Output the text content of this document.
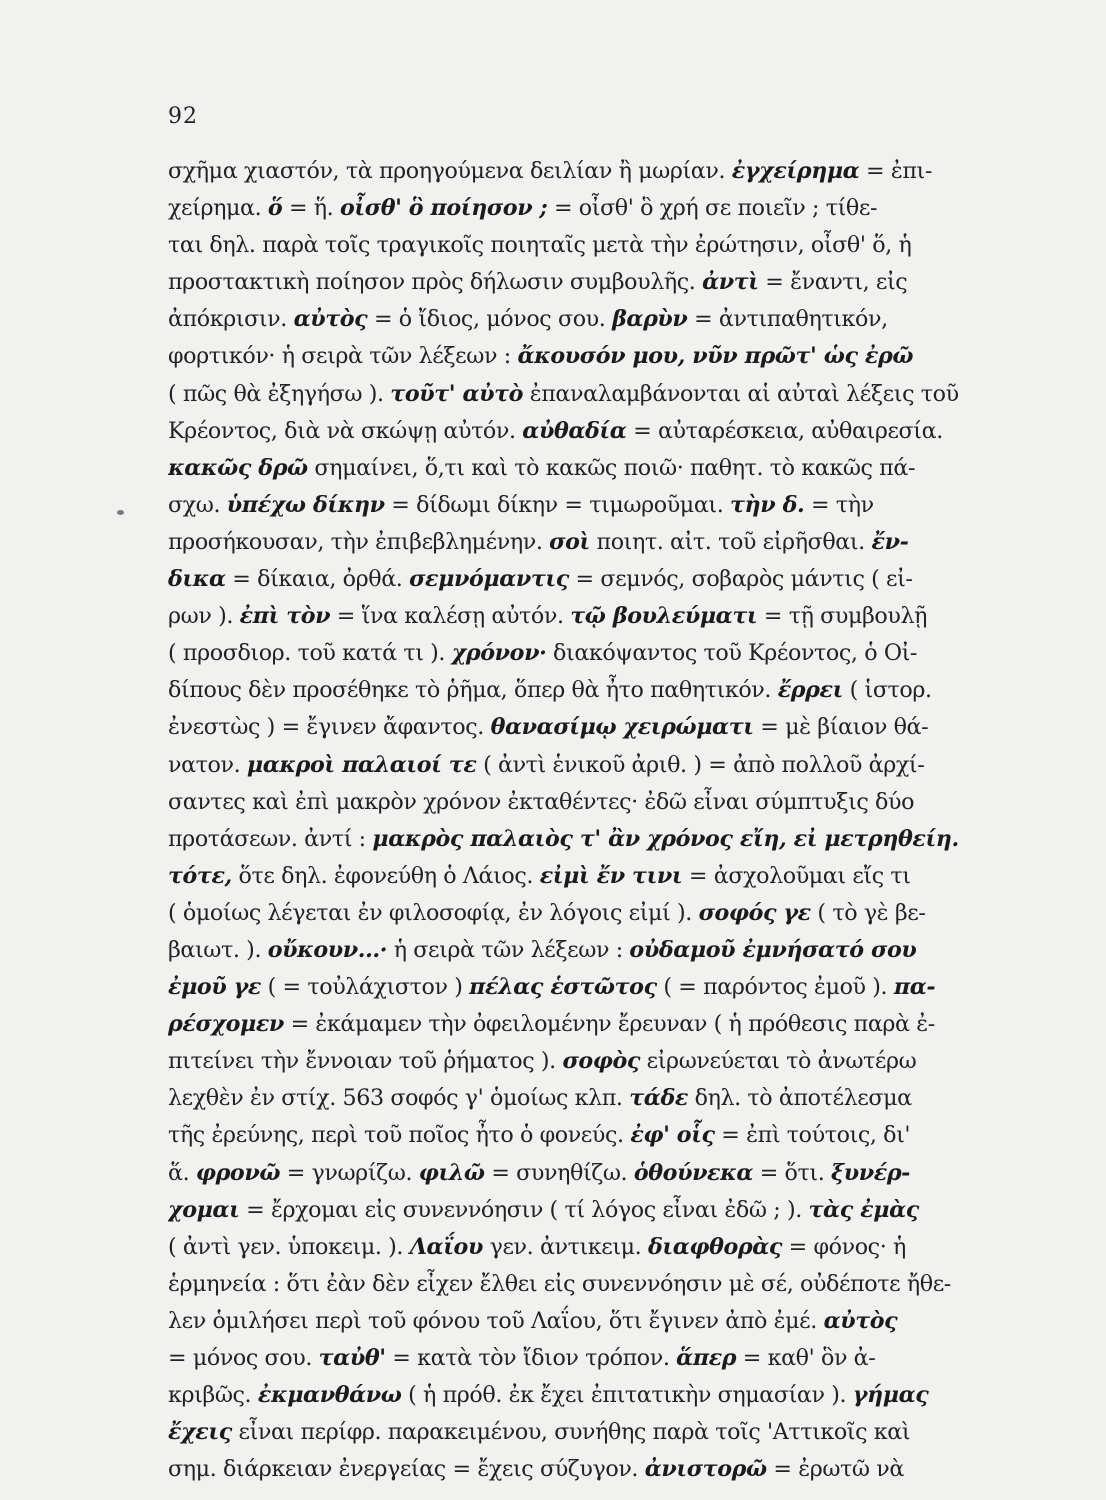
92
σχῆμα χιαστόν, τὰ προηγούμενα δειλίαν ἢ μωρίαν. ἐγχείρημα = ἐπι-
χείρημα. ὅ = ἥ. οἶσθ' ὃ ποίησον ; = οἶσθ' ὃ χρή σε ποιεῖν ; τίθε-
ται δηλ. παρὰ τοῖς τραγικοῖς ποιηταῖς μετὰ τὴν ἐρώτησιν, οἶσθ' ὅ, ἡ
προστακτικὴ ποίησον πρὸς δήλωσιν συμβουλῆς. ἀντὶ = ἔναντι, εἰς
ἀπόκρισιν. αὐτὸς = ὁ ἴδιος, μόνος σου. βαρὺν = ἀντιπαθητικόν,
φορτικόν· ἡ σειρὰ τῶν λέξεων : ἄκουσόν μου, νῦν πρῶτ' ὡς ἐρῶ
( πῶς θὰ ἐξηγήσω ). τοῦτ' αὐτὸ ἐπαναλαμβάνονται αἱ αὐταὶ λέξεις τοῦ
Κρέοντος, διὰ νὰ σκώψῃ αὐτόν. αὐθαδία = αὐταρέσκεια, αὐθαιρεσία.
κακῶς δρῶ σημαίνει, ὅ,τι καὶ τὸ κακῶς ποιῶ· παθητ. τὸ κακῶς πά-
σχω. ὑπέχω δίκην = δίδωμι δίκην = τιμωροῦμαι. τὴν δ. = τὴν
προσήκουσαν, τὴν ἐπιβεβλημένην. σοὶ ποιητ. αἰτ. τοῦ εἰρῆσθαι. ἔν-
δικα = δίκαια, ὀρθά. σεμνόμαντις = σεμνός, σοβαρὸς μάντις ( εἰ-
ρων ). ἐπὶ τὸν = ἵνα καλέσῃ αὐτόν. τῷ βουλεύματι = τῇ συμβουλῇ
( προσδιορ. τοῦ κατά τι ). χρόνον· διακόψαντος τοῦ Κρέοντος, ὁ Οἰ-
δίπους δὲν προσέθηκε τὸ ῥῆμα, ὅπερ θὰ ἦτο παθητικόν. ἔρρει ( ἱστορ.
ἐνεστὼς ) = ἔγινεν ἄφαντος. θανασίμῳ χειρώματι = μὲ βίαιον θά-
νατον. μακροὶ παλαιοί τε ( ἀντὶ ἑνικοῦ ἀριθ. ) = ἀπὸ πολλοῦ ἀρχί-
σαντες καὶ ἐπὶ μακρὸν χρόνον ἐκταθέντες· ἐδῶ εἶναι σύμπτυξις δύο
προτάσεων. ἀντί : μακρὸς παλαιὸς τ' ἂν χρόνος εἴη, εἰ μετρηθείη.
τότε, ὅτε δηλ. ἐφονεύθη ὁ Λάιος. εἰμὶ ἔν τινι = ἀσχολοῦμαι εἴς τι
( ὁμοίως λέγεται ἐν φιλοσοφίᾳ, ἐν λόγοις εἰμί ). σοφός γε ( τὸ γὲ βε-
βαιωτ. ). οὔκουν...· ἡ σειρὰ τῶν λέξεων : οὐδαμοῦ ἐμνήσατό σου
ἐμοῦ γε ( = τοὐλάχιστον ) πέλας ἑστῶτος ( = παρόντος ἐμοῦ ). πα-
ρέσχομεν = ἐκάμαμεν τὴν ὀφειλομένην ἔρευναν ( ἡ πρόθεσις παρὰ ἐ-
πιτείνει τὴν ἔννοιαν τοῦ ῥήματος ). σοφὸς εἰρωνεύεται τὸ ἀνωτέρω
λεχθὲν ἐν στίχ. 563 σοφός γ' ὁμοίως κλπ. τάδε δηλ. τὸ ἀποτέλεσμα
τῆς ἐρεύνης, περὶ τοῦ ποῖος ἦτο ὁ φονεύς. ἐφ' οἷς = ἐπὶ τούτοις, δι'
ἅ. φρονῶ = γνωρίζω. φιλῶ = συνηθίζω. ὁθούνεκα = ὅτι. ξυνέρ-
χομαι = ἔρχομαι εἰς συνεννόησιν ( τί λόγος εἶναι ἐδῶ ; ). τὰς ἐμὰς
( ἀντὶ γεν. ὑποκειμ. ). Λαΐου γεν. ἀντικειμ. διαφθορὰς = φόνος· ἡ
ἑρμηνεία : ὅτι ἐὰν δὲν εἶχεν ἔλθει εἰς συνεννόησιν μὲ σέ, οὐδέποτε ἤθε-
λεν ὁμιλήσει περὶ τοῦ φόνου τοῦ Λαΐου, ὅτι ἔγινεν ἀπὸ ἐμέ. αὐτὸς
= μόνος σου. ταὐθ' = κατὰ τὸν ἴδιον τρόπον. ἅπερ = καθ' ὃν ἀ-
κριβῶς. ἐκμανθάνω ( ἡ πρόθ. ἐκ ἔχει ἐπιτατικὴν σημασίαν ). γήμας
ἔχεις εἶναι περίφρ. παρακειμένου, συνήθης παρὰ τοῖς 'Αττικοῖς καὶ
σημ. διάρκειαν ἐνεργείας = ἔχεις σύζυγον. ἀνιστορῶ = ἐρωτῶ νὰ
